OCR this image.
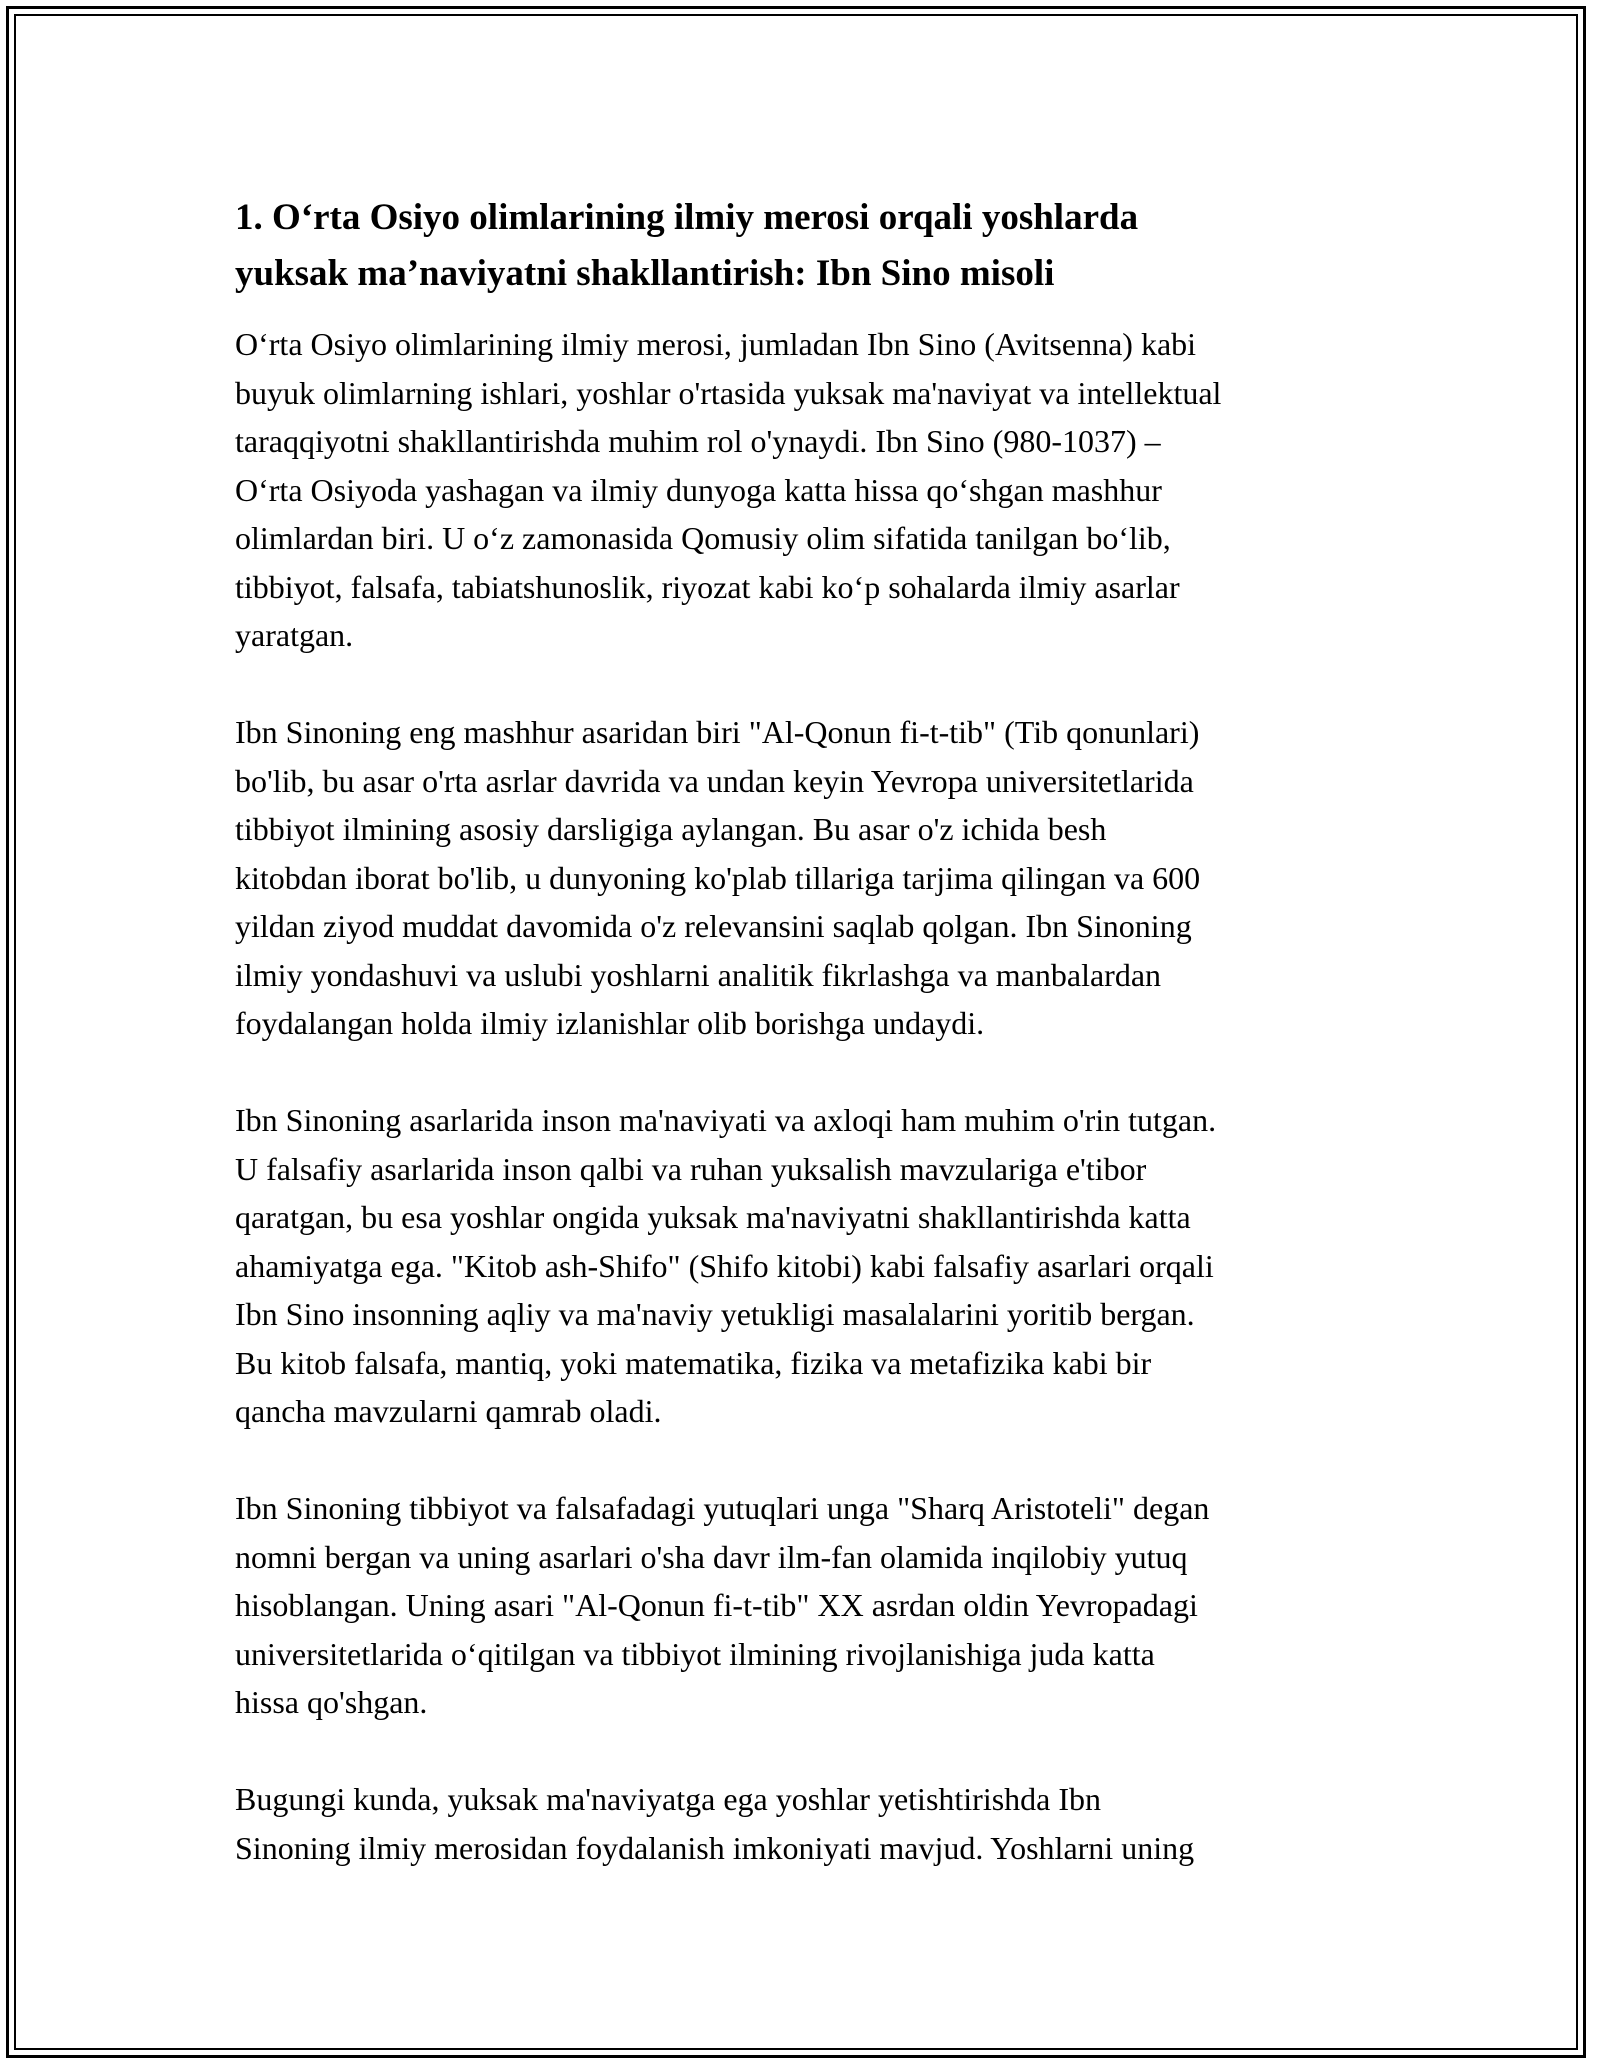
1. O‘rta Osiyo olimlarining ilmiy merosi orqali yoshlarda
yuksak ma’naviyatni shakllantirish: Ibn Sino misoli

O‘rta Osiyo olimlarining ilmiy merosi, jumladan Ibn Sino (Avitsenna) kabi
buyuk olimlarning ishlari, yoshlar o'rtasida yuksak ma'naviyat va intellektual
taraqqiyotni shakllantirishda muhim rol o'ynaydi. Ibn Sino (980-1037) –
O‘rta Osiyoda yashagan va ilmiy dunyoga katta hissa qo‘shgan mashhur
olimlardan biri. U o‘z zamonasida Qomusiy olim sifatida tanilgan bo‘lib,
tibbiyot, falsafa, tabiatshunoslik, riyozat kabi ko‘p sohalarda ilmiy asarlar
yaratgan.

Ibn Sinoning eng mashhur asaridan biri "Al-Qonun fi-t-tib" (Tib qonunlari)
bo'lib, bu asar o'rta asrlar davrida va undan keyin Yevropa universitetlarida
tibbiyot ilmining asosiy darsligiga aylangan. Bu asar o'z ichida besh
kitobdan iborat bo'lib, u dunyoning ko'plab tillariga tarjima qilingan va 600
yildan ziyod muddat davomida o'z relevansini saqlab qolgan. Ibn Sinoning
ilmiy yondashuvi va uslubi yoshlarni analitik fikrlashga va manbalardan
foydalangan holda ilmiy izlanishlar olib borishga undaydi.

Ibn Sinoning asarlarida inson ma'naviyati va axloqi ham muhim o'rin tutgan.
U falsafiy asarlarida inson qalbi va ruhan yuksalish mavzulariga e'tibor
qaratgan, bu esa yoshlar ongida yuksak ma'naviyatni shakllantirishda katta
ahamiyatga ega. "Kitob ash-Shifo" (Shifo kitobi) kabi falsafiy asarlari orqali
Ibn Sino insonning aqliy va ma'naviy yetukligi masalalarini yoritib bergan.
Bu kitob falsafa, mantiq, yoki matematika, fizika va metafizika kabi bir
qancha mavzularni qamrab oladi.

Ibn Sinoning tibbiyot va falsafadagi yutuqlari unga "Sharq Aristoteli" degan
nomni bergan va uning asarlari o'sha davr ilm-fan olamida inqilobiy yutuq
hisoblangan. Uning asari "Al-Qonun fi-t-tib" XX asrdan oldin Yevropadagi
universitetlarida o‘qitilgan va tibbiyot ilmining rivojlanishiga juda katta
hissa qo'shgan.

Bugungi kunda, yuksak ma'naviyatga ega yoshlar yetishtirishda Ibn
Sinoning ilmiy merosidan foydalanish imkoniyati mavjud. Yoshlarni uning
